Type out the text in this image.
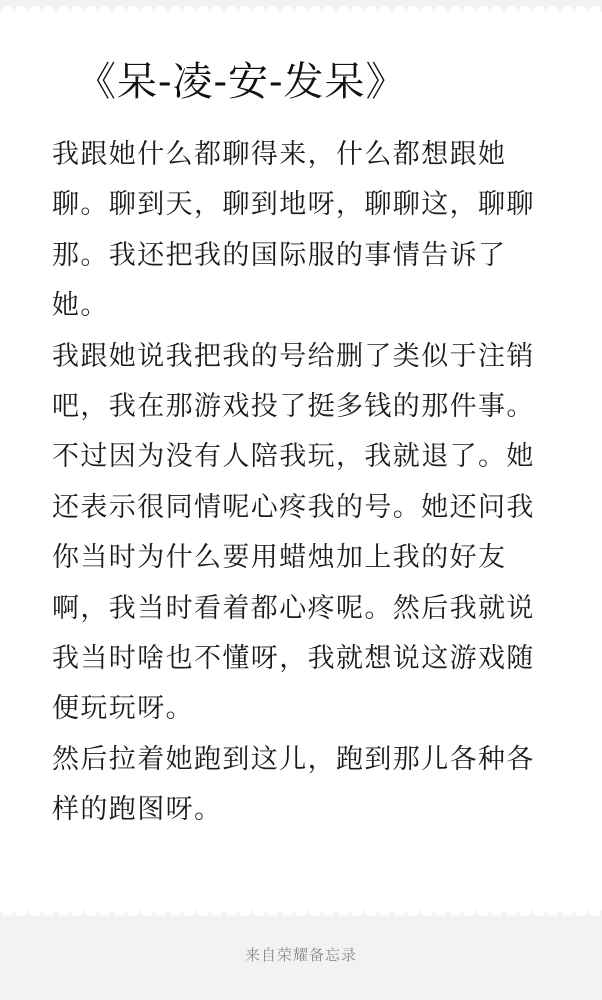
《呆-凌-安-发呆》

我跟她什么都聊得来，什么都想跟她聊。聊到天，聊到地呀，聊聊这，聊聊那。我还把我的国际服的事情告诉了她。

我跟她说我把我的号给删了类似于注销吧，我在那游戏投了挺多钱的那件事。不过因为没有人陪我玩，我就退了。她还表示很同情呢心疼我的号。她还问我你当时为什么要用蜡烛加上我的好友啊，我当时看着都心疼呢。然后我就说我当时啥也不懂呀，我就想说这游戏随便玩玩呀。

然后拉着她跑到这儿，跑到那儿各种各样的跑图呀。

来自荣耀备忘录
